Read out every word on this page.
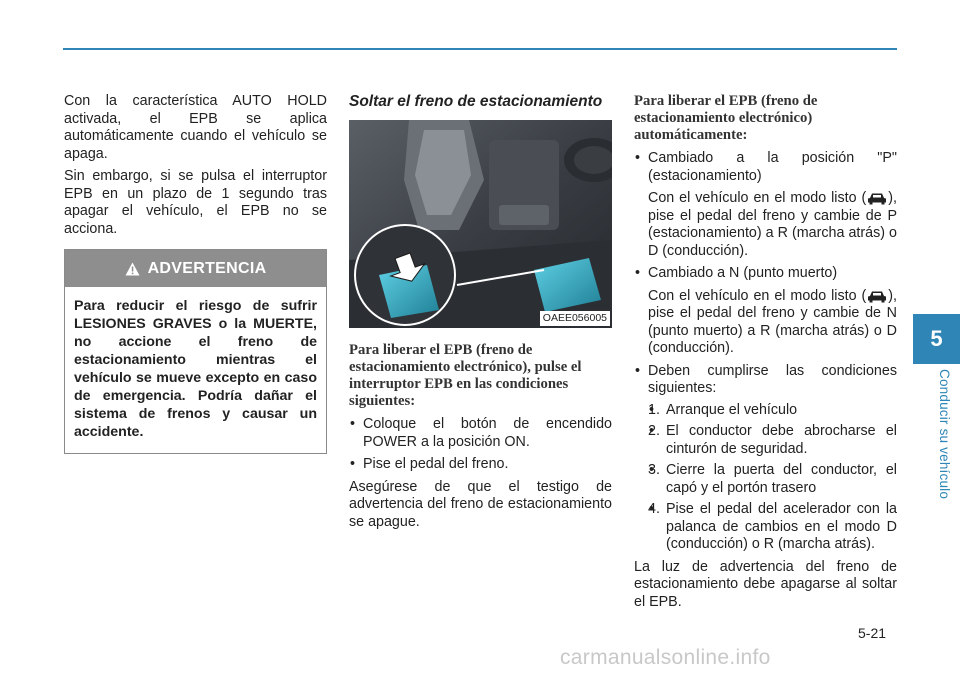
5
Conducir su vehículo

Con la característica AUTO HOLD activada, el EPB se aplica automáticamente cuando el vehículo se apaga.

Sin embargo, si se pulsa el interruptor EPB en un plazo de 1 segundo tras apagar el vehículo, el EPB no se acciona.

ADVERTENCIA

Para reducir el riesgo de sufrir LESIONES GRAVES o la MUERTE, no accione el freno de estacionamiento mientras el vehículo se mueve excepto en caso de emergencia. Podría dañar el sistema de frenos y causar un accidente.

Soltar el freno de estacionamiento
OAEE056005
Para liberar el EPB (freno de estacionamiento electrónico), pulse el interruptor EPB en las condiciones siguientes:
• Coloque el botón de encendido POWER a la posición ON.
• Pise el pedal del freno.

Asegúrese de que el testigo de advertencia del freno de estacionamiento se apague.

Para liberar el EPB (freno de estacionamiento electrónico) automáticamente:
• Cambiado a la posición "P" (estacionamiento)
Con el vehículo en el modo listo ( ), pise el pedal del freno y cambie de P (estacionamiento) a R (marcha atrás) o D (conducción).
• Cambiado a N (punto muerto)
Con el vehículo en el modo listo ( ), pise el pedal del freno y cambie de N (punto muerto) a R (marcha atrás) o D (conducción).
• Deben cumplirse las condiciones siguientes:
• 1. Arranque el vehículo
• 2. El conductor debe abrocharse el cinturón de seguridad.
• 3. Cierre la puerta del conductor, el capó y el portón trasero
• 4. Pise el pedal del acelerador con la palanca de cambios en el modo D (conducción) o R (marcha atrás).

La luz de advertencia del freno de estacionamiento debe apagarse al soltar el EPB.

5-21
carmanualsonline.info
